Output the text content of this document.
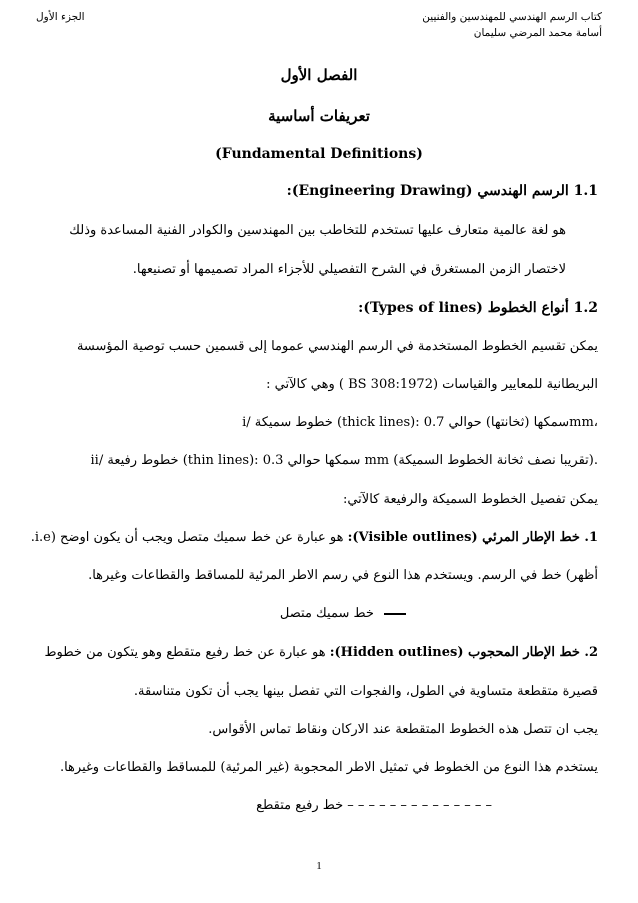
كتاب الرسم الهندسي للمهندسين والفنيين
أسامة محمد المرضي سليمان
الجزء الأول
الفصل الأول
تعريفات أساسية
(Fundamental Definitions)
1.1 الرسم الهندسي (Engineering Drawing):
هو لغة عالمية متعارف عليها تستخدم للتخاطب بين المهندسين والكوادر الفنية المساعدة وذلك
لاختصار الزمن المستغرق في الشرح التفصيلي للأجزاء المراد تصميمها أو تصنيعها.
1.2 أنواع الخطوط (Types of lines):
يمكن تقسيم الخطوط المستخدمة في الرسم الهندسي عموما إلى قسمين حسب توصية المؤسسة
البريطانية للمعايير والقياسات (BS 308:1972 ) وهي كالآتي :
i/ خطوط سميكة (thick lines): سمكها (ثخانتها) حوالي 0.7mm،
ii/ خطوط رفيعة (thin lines): سمكها حوالي 0.3 mm (تقريبا نصف ثخانة الخطوط السميكة).
يمكن تفصيل الخطوط السميكة والرفيعة كالآتي:
1. خط الإطار المرئي (Visible outlines): هو عبارة عن خط سميك متصل ويجب أن يكون اوضح (i.e.
أظهر) خط في الرسم. ويستخدم هذا النوع في رسم الاطر المرئية للمساقط والقطاعات وغيرها.
خط سميك متصل
2. خط الإطار المحجوب (Hidden outlines): هو عبارة عن خط رفيع متقطع وهو يتكون من خطوط
قصيرة متقطعة متساوية في الطول، والفجوات التي تفصل بينها يجب أن تكون متناسقة.
يجب ان تتصل هذه الخطوط المتقطعة عند الاركان ونقاط تماس الأقواس.
يستخدم هذا النوع من الخطوط في تمثيل الاطر المحجوبة (غير المرئية) للمساقط والقطاعات وغيرها.
– – – – – – – – – – – – – – خط رفيع متقطع
1
